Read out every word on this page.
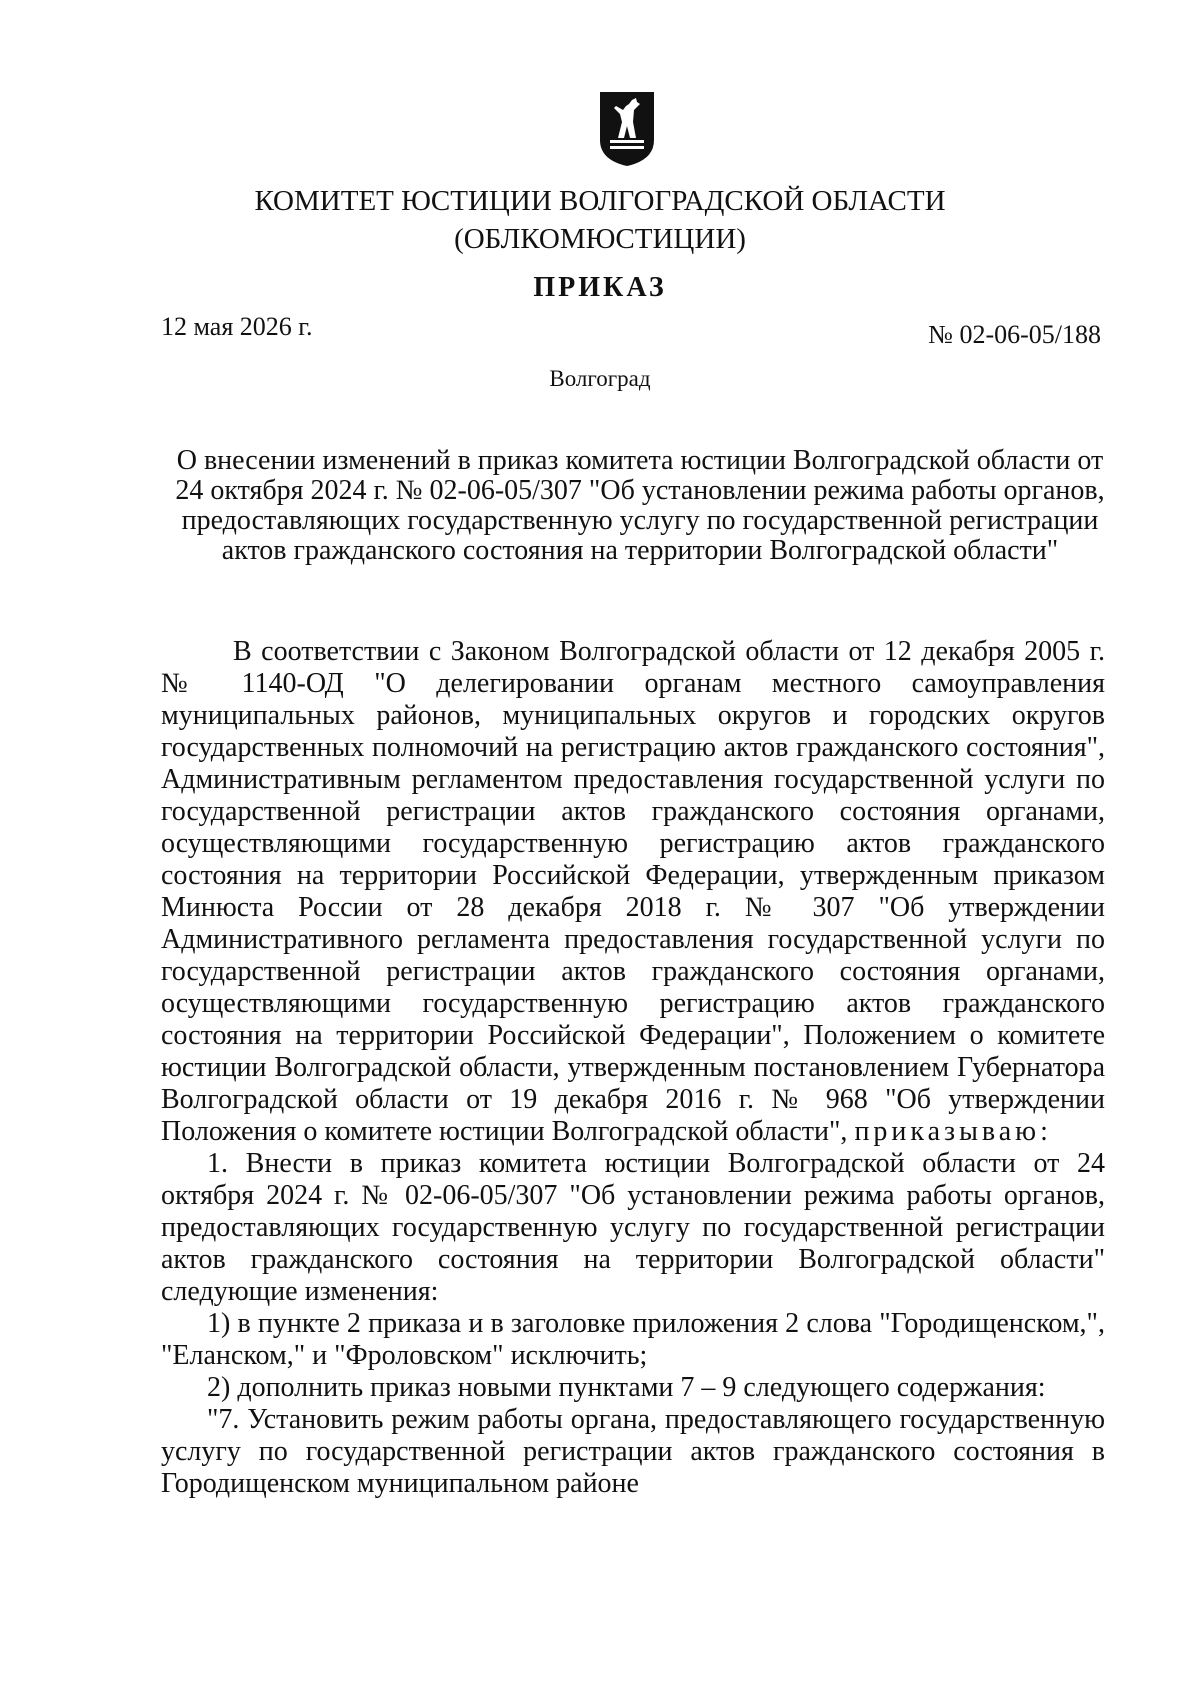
КОМИТЕТ ЮСТИЦИИ ВОЛГОГРАДСКОЙ ОБЛАСТИ
(ОБЛКОМЮСТИЦИИ)
ПРИКАЗ
12 мая 2026 г.	№ 02-06-05/188
Волгоград
О внесении изменений в приказ комитета юстиции Волгоградской области от 24 октября 2024 г. № 02-06-05/307 "Об установлении режима работы органов, предоставляющих государственную услугу по государственной регистрации актов гражданского состояния на территории Волгоградской области"

В соответствии с Законом Волгоградской области от 12 декабря 2005 г. № 1140-ОД "О делегировании органам местного самоуправления муниципальных районов, муниципальных округов и городских округов государственных полномочий на регистрацию актов гражданского состояния", Административным регламентом предоставления государственной услуги по государственной регистрации актов гражданского состояния органами, осуществляющими государственную регистрацию актов гражданского состояния на территории Российской Федерации, утвержденным приказом Минюста России от 28 декабря 2018 г. № 307 "Об утверждении Административного регламента предоставления государственной услуги по государственной регистрации актов гражданского состояния органами, осуществляющими государственную регистрацию актов гражданского состояния на территории Российской Федерации", Положением о комитете юстиции Волгоградской области, утвержденным постановлением Губернатора Волгоградской области от 19 декабря 2016 г. № 968 "Об утверждении Положения о комитете юстиции Волгоградской области", приказываю:

1. Внести в приказ комитета юстиции Волгоградской области от 24 октября 2024 г. № 02-06-05/307 "Об установлении режима работы органов, предоставляющих государственную услугу по государственной регистрации актов гражданского состояния на территории Волгоградской области" следующие изменения:

1) в пункте 2 приказа и в заголовке приложения 2 слова "Городищенском,", "Еланском," и "Фроловском" исключить;

2) дополнить приказ новыми пунктами 7 – 9 следующего содержания:

"7. Установить режим работы органа, предоставляющего государственную услугу по государственной регистрации актов гражданского состояния в Городищенском муниципальном районе
